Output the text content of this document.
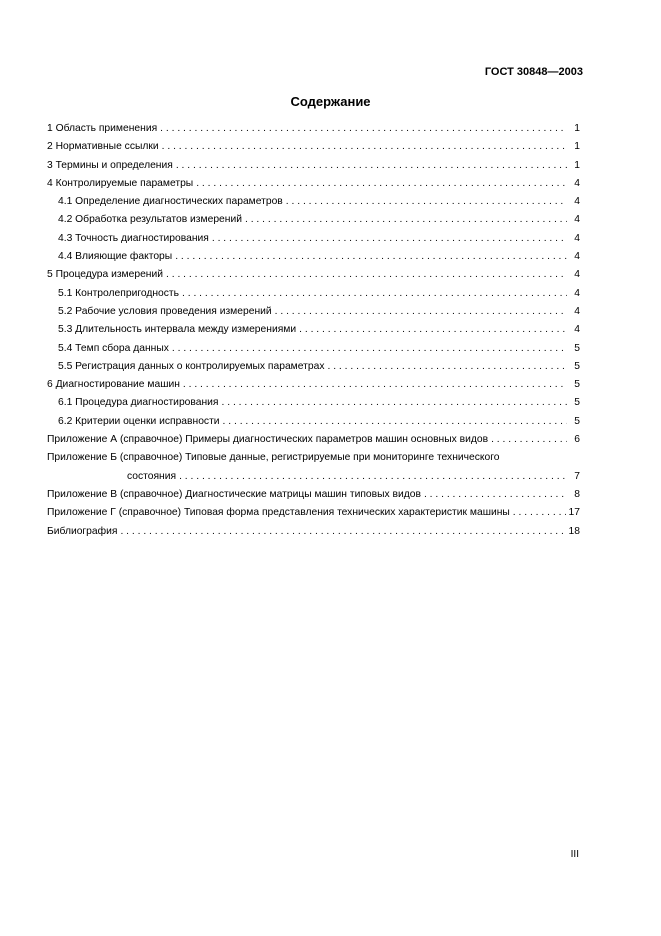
ГОСТ 30848—2003
Содержание
1 Область применения . . .	1
2 Нормативные ссылки . . .	1
3 Термины и определения . . .	1
4 Контролируемые параметры . . .	4
4.1 Определение диагностических параметров . . .	4
4.2 Обработка результатов измерений . . .	4
4.3 Точность диагностирования . . .	4
4.4 Влияющие факторы . . .	4
5 Процедура измерений . . .	4
5.1 Контролепригодность . . .	4
5.2 Рабочие условия проведения измерений . . .	4
5.3 Длительность интервала между измерениями . . .	4
5.4 Темп сбора данных . . .	5
5.5 Регистрация данных о контролируемых параметрах . . .	5
6 Диагностирование машин . . .	5
6.1 Процедура диагностирования . . .	5
6.2 Критерии оценки исправности . . .	5
Приложение А (справочное) Примеры диагностических параметров машин основных видов . . .	6
Приложение Б (справочное) Типовые данные, регистрируемые при мониторинге технического
состояния . . .	7
Приложение В (справочное) Диагностические матрицы машин типовых видов . . .	8
Приложение Г (справочное) Типовая форма представления технических характеристик машины . . .	17
Библиография . . .	18
III
